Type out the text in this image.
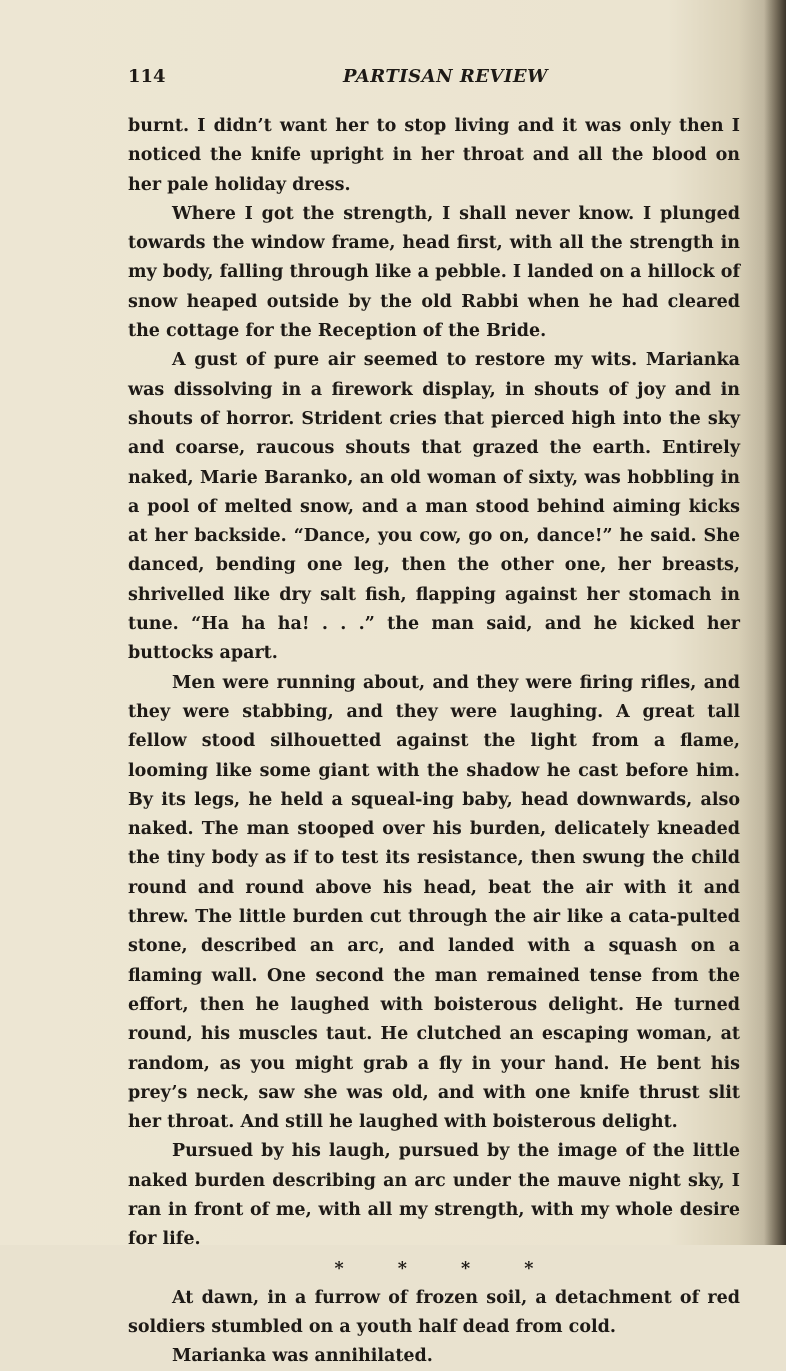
114	PARTISAN REVIEW

burnt. I didn’t want her to stop living and it was only then I noticed the knife upright in her throat and all the blood on her pale holiday dress.

Where I got the strength, I shall never know. I plunged towards the window frame, head first, with all the strength in my body, falling through like a pebble. I landed on a hillock of snow heaped outside by the old Rabbi when he had cleared the cottage for the Reception of the Bride.

A gust of pure air seemed to restore my wits. Marianka was dissolving in a firework display, in shouts of joy and in shouts of horror. Strident cries that pierced high into the sky and coarse, raucous shouts that grazed the earth. Entirely naked, Marie Baranko, an old woman of sixty, was hobbling in a pool of melted snow, and a man stood behind aiming kicks at her backside. “Dance, you cow, go on, dance!” he said. She danced, bending one leg, then the other one, her breasts, shrivelled like dry salt fish, flapping against her stomach in tune. “Ha ha ha! . . .” the man said, and he kicked her buttocks apart.

Men were running about, and they were firing rifles, and they were stabbing, and they were laughing. A great tall fellow stood silhouetted against the light from a flame, looming like some giant with the shadow he cast before him. By its legs, he held a squeal-ing baby, head downwards, also naked. The man stooped over his burden, delicately kneaded the tiny body as if to test its resistance, then swung the child round and round above his head, beat the air with it and threw. The little burden cut through the air like a cata-pulted stone, described an arc, and landed with a squash on a flaming wall. One second the man remained tense from the effort, then he laughed with boisterous delight. He turned round, his muscles taut. He clutched an escaping woman, at random, as you might grab a fly in your hand. He bent his prey’s neck, saw she was old, and with one knife thrust slit her throat. And still he laughed with boisterous delight.

Pursued by his laugh, pursued by the image of the little naked burden describing an arc under the mauve night sky, I ran in front of me, with all my strength, with my whole desire for life.

* * * *

At dawn, in a furrow of frozen soil, a detachment of red soldiers stumbled on a youth half dead from cold.

Marianka was annihilated.
